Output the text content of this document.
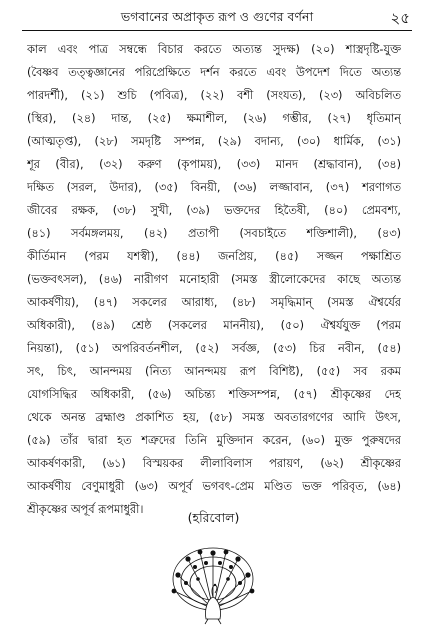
ভগবানের অপ্রাকৃত রূপ ও গুণের বর্ণনা	২৫
কাল এবং পাত্র সম্বন্ধে বিচার করতে অত্যন্ত সুদক্ষ) (২০) শাস্ত্রদৃষ্টি-যুক্ত
(বৈষ্ণব তত্ত্বজ্ঞানের পরিপ্রেক্ষিতে দর্শন করতে এবং উপদেশ দিতে অত্যন্ত
পারদর্শী), (২১) শুচি (পবিত্র), (২২) বশী (সংযত), (২৩) অবিচলিত
(স্থির), (২৪) দান্ত, (২৫) ক্ষমাশীল, (২৬) গম্ভীর, (২৭) ধৃতিমান্
(আত্মতৃপ্ত), (২৮) সমদৃষ্টি সম্পন্ন, (২৯) বদান্য, (৩০) ধার্মিক, (৩১)
শূর (বীর), (৩২) করুণ (কৃপাময়), (৩৩) মানদ (শ্রদ্ধাবান), (৩৪)
দক্ষিত (সরল, উদার), (৩৫) বিনয়ী, (৩৬) লজ্জাবান, (৩৭) শরণাগত
জীবের রক্ষক, (৩৮) সুখী, (৩৯) ভক্তদের হিতৈষী, (৪০) প্রেমবশ্য,
(৪১) সর্বমঙ্গলময়, (৪২) প্রতাপী (সবচাইতে শক্তিশালী), (৪৩)
কীর্তিমান (পরম যশস্বী), (৪৪) জনপ্রিয়, (৪৫) সজ্জন পক্ষাশ্রিত
(ভক্তবৎসল), (৪৬) নারীগণ মনোহারী (সমস্ত স্ত্রীলোকেদের কাছে অত্যন্ত
আকর্ষণীয়), (৪৭) সকলের আরাধ্য, (৪৮) সমৃদ্ধিমান্ (সমস্ত ঐশ্বর্যের
অধিকারী), (৪৯) শ্রেষ্ঠ (সকলের মাননীয়), (৫০) ঐশ্বর্যযুক্ত (পরম
নিয়ন্তা), (৫১) অপরিবর্তনশীল, (৫২) সর্বজ্ঞ, (৫৩) চির নবীন, (৫৪)
সৎ, চিৎ, আনন্দময় (নিত্য আনন্দময় রূপ বিশিষ্ট), (৫৫) সব রকম
যোগসিদ্ধির অধিকারী, (৫৬) অচিন্ত্য শক্তিসম্পন্ন, (৫৭) শ্রীকৃষ্ণের দেহ
থেকে অনন্ত ব্রহ্মাণ্ড প্রকাশিত হয়, (৫৮) সমস্ত অবতারগণের আদি উৎস,
(৫৯) তাঁর দ্বারা হত শত্রুদের তিনি মুক্তিদান করেন, (৬০) মুক্ত পুরুষদের
আকর্ষণকারী, (৬১) বিস্ময়কর লীলাবিলাস পরায়ণ, (৬২) শ্রীকৃষ্ণের
আকর্ষণীয় বেণুমাধুরী (৬৩) অপূর্ব ভগবৎ-প্রেম মণ্ডিত ভক্ত পরিবৃত, (৬৪)
শ্রীকৃষ্ণের অপূর্ব রূপমাধুরী।
(হরিবোল)
